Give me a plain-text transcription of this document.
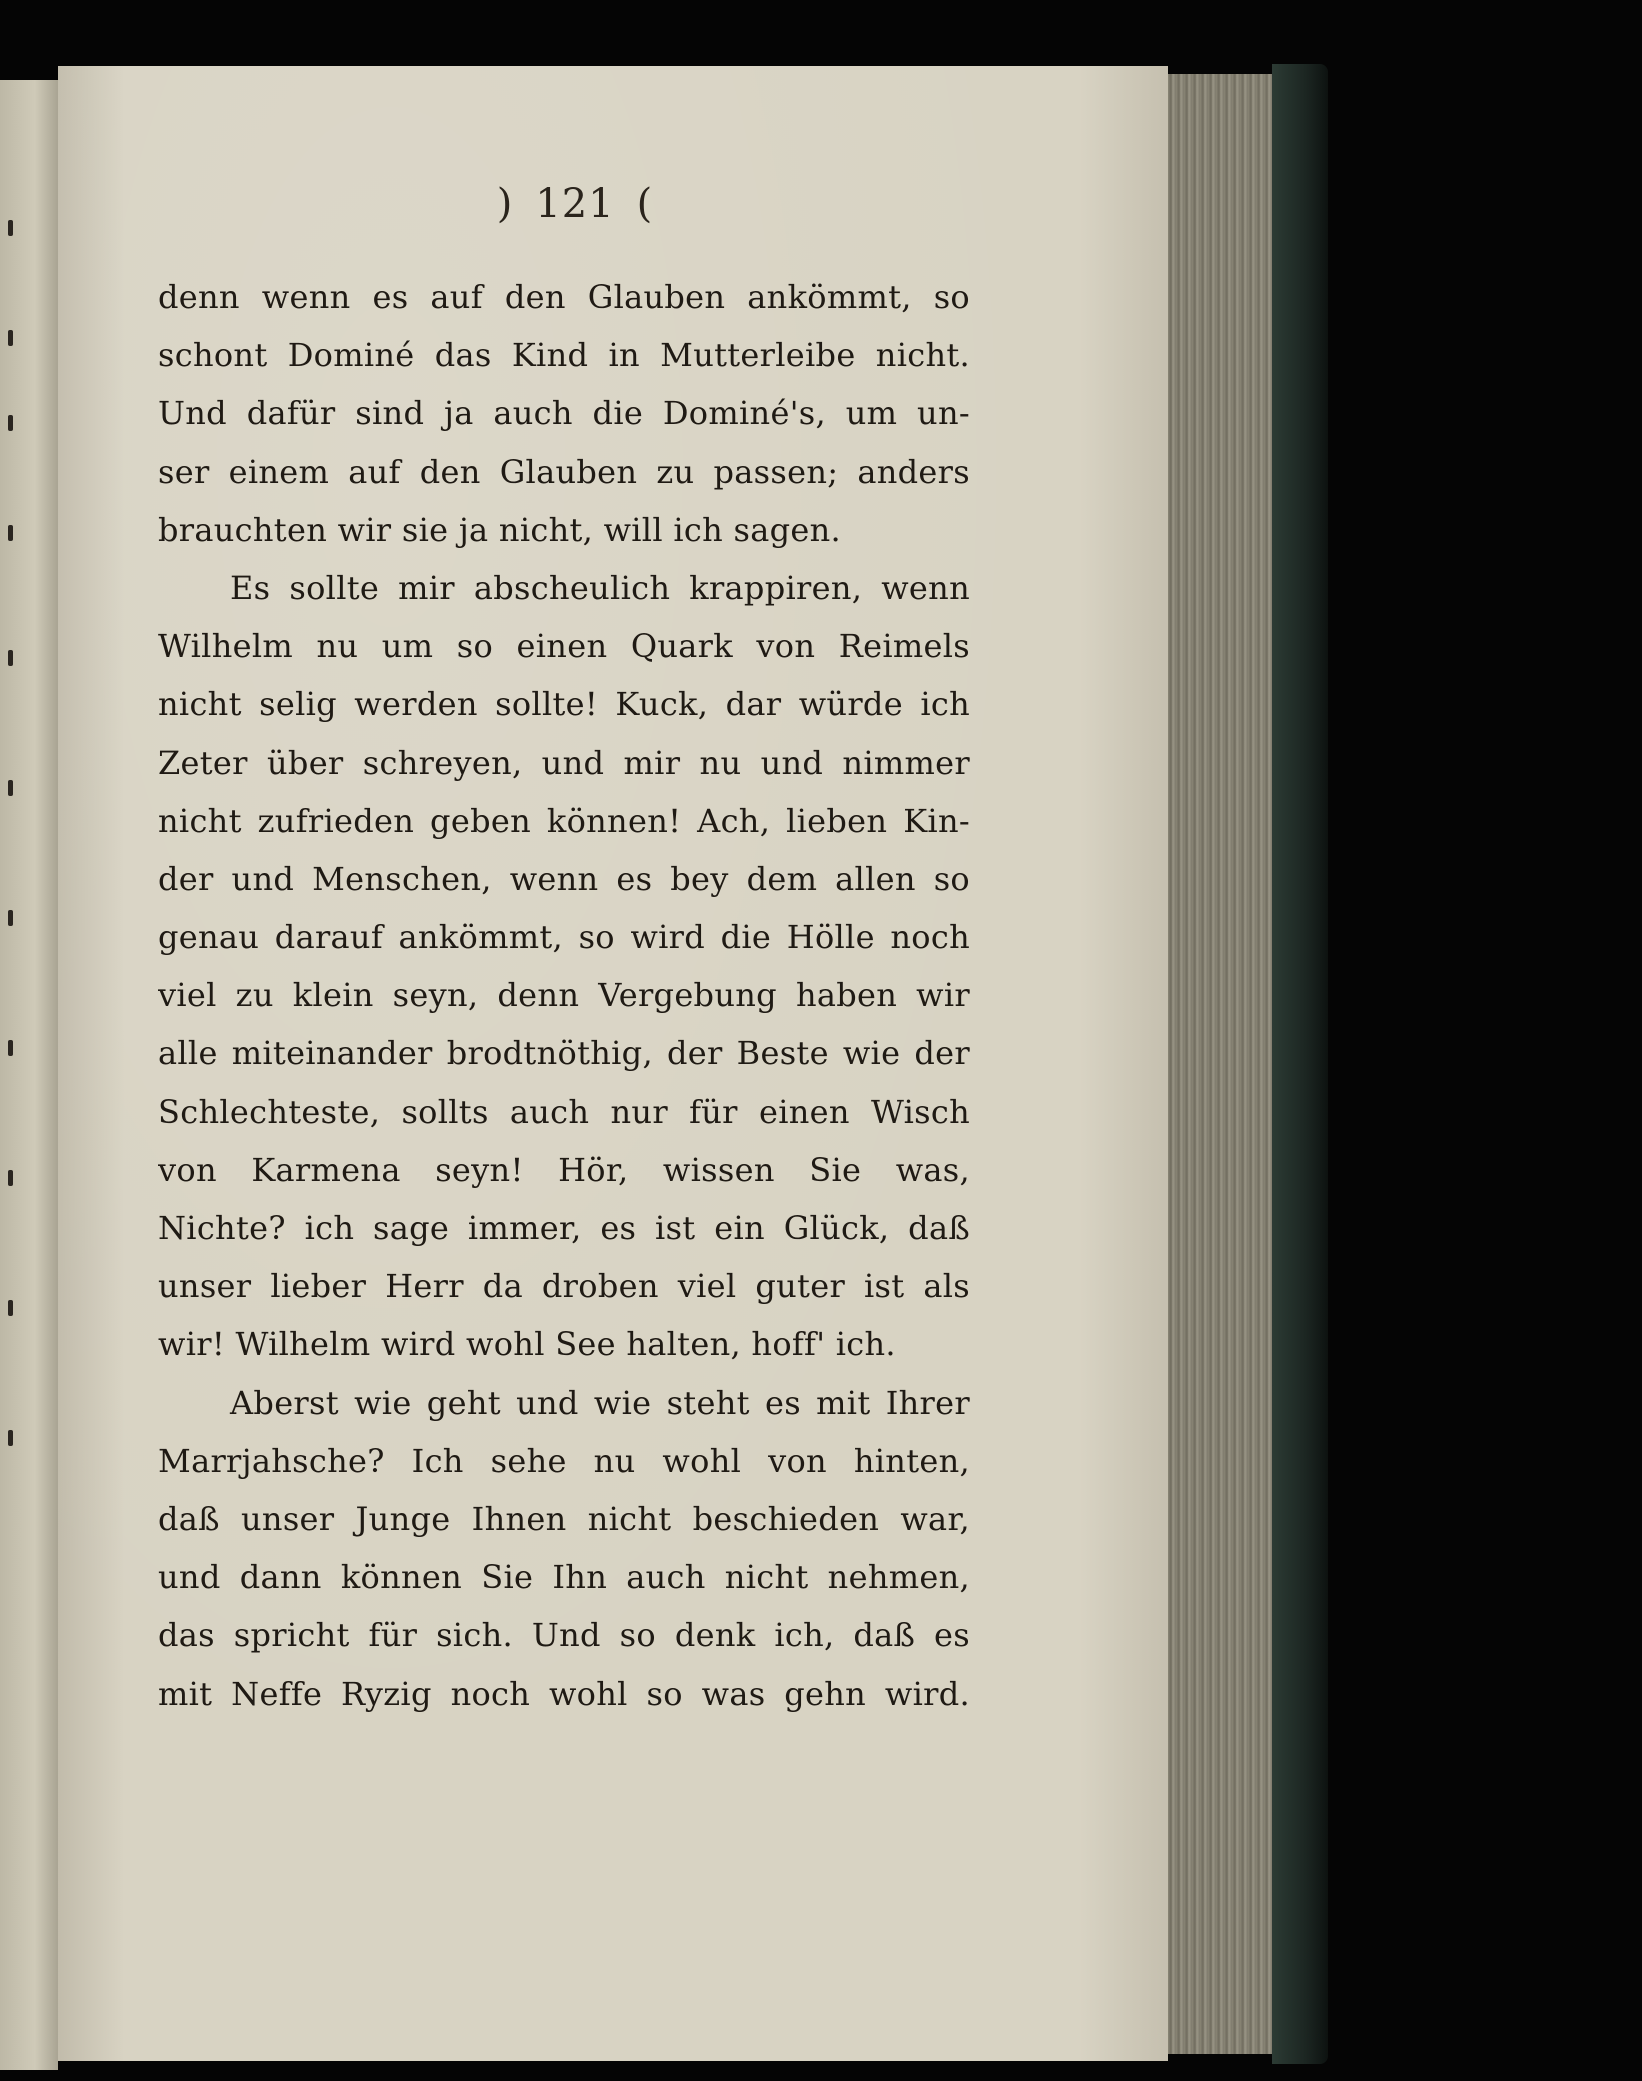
) 121 (
denn wenn es auf den Glauben ankömmt, so
schont Dominé das Kind in Mutterleibe nicht.
Und dafür sind ja auch die Dominé's, um un-
ser einem auf den Glauben zu passen; anders
brauchten wir sie ja nicht, will ich sagen.
Es sollte mir abscheulich krappiren, wenn
Wilhelm nu um so einen Quark von Reimels
nicht selig werden sollte! Kuck, dar würde ich
Zeter über schreyen, und mir nu und nimmer
nicht zufrieden geben können! Ach, lieben Kin-
der und Menschen, wenn es bey dem allen so
genau darauf ankömmt, so wird die Hölle noch
viel zu klein seyn, denn Vergebung haben wir
alle miteinander brodtnöthig, der Beste wie der
Schlechteste, sollts auch nur für einen Wisch
von Karmena seyn! Hör, wissen Sie was,
Nichte? ich sage immer, es ist ein Glück, daß
unser lieber Herr da droben viel guter ist als
wir! Wilhelm wird wohl See halten, hoff' ich.
Aberst wie geht und wie steht es mit Ihrer
Marrjahsche? Ich sehe nu wohl von hinten,
daß unser Junge Ihnen nicht beschieden war,
und dann können Sie Ihn auch nicht nehmen,
das spricht für sich. Und so denk ich, daß es
mit Neffe Ryzig noch wohl so was gehn wird.
